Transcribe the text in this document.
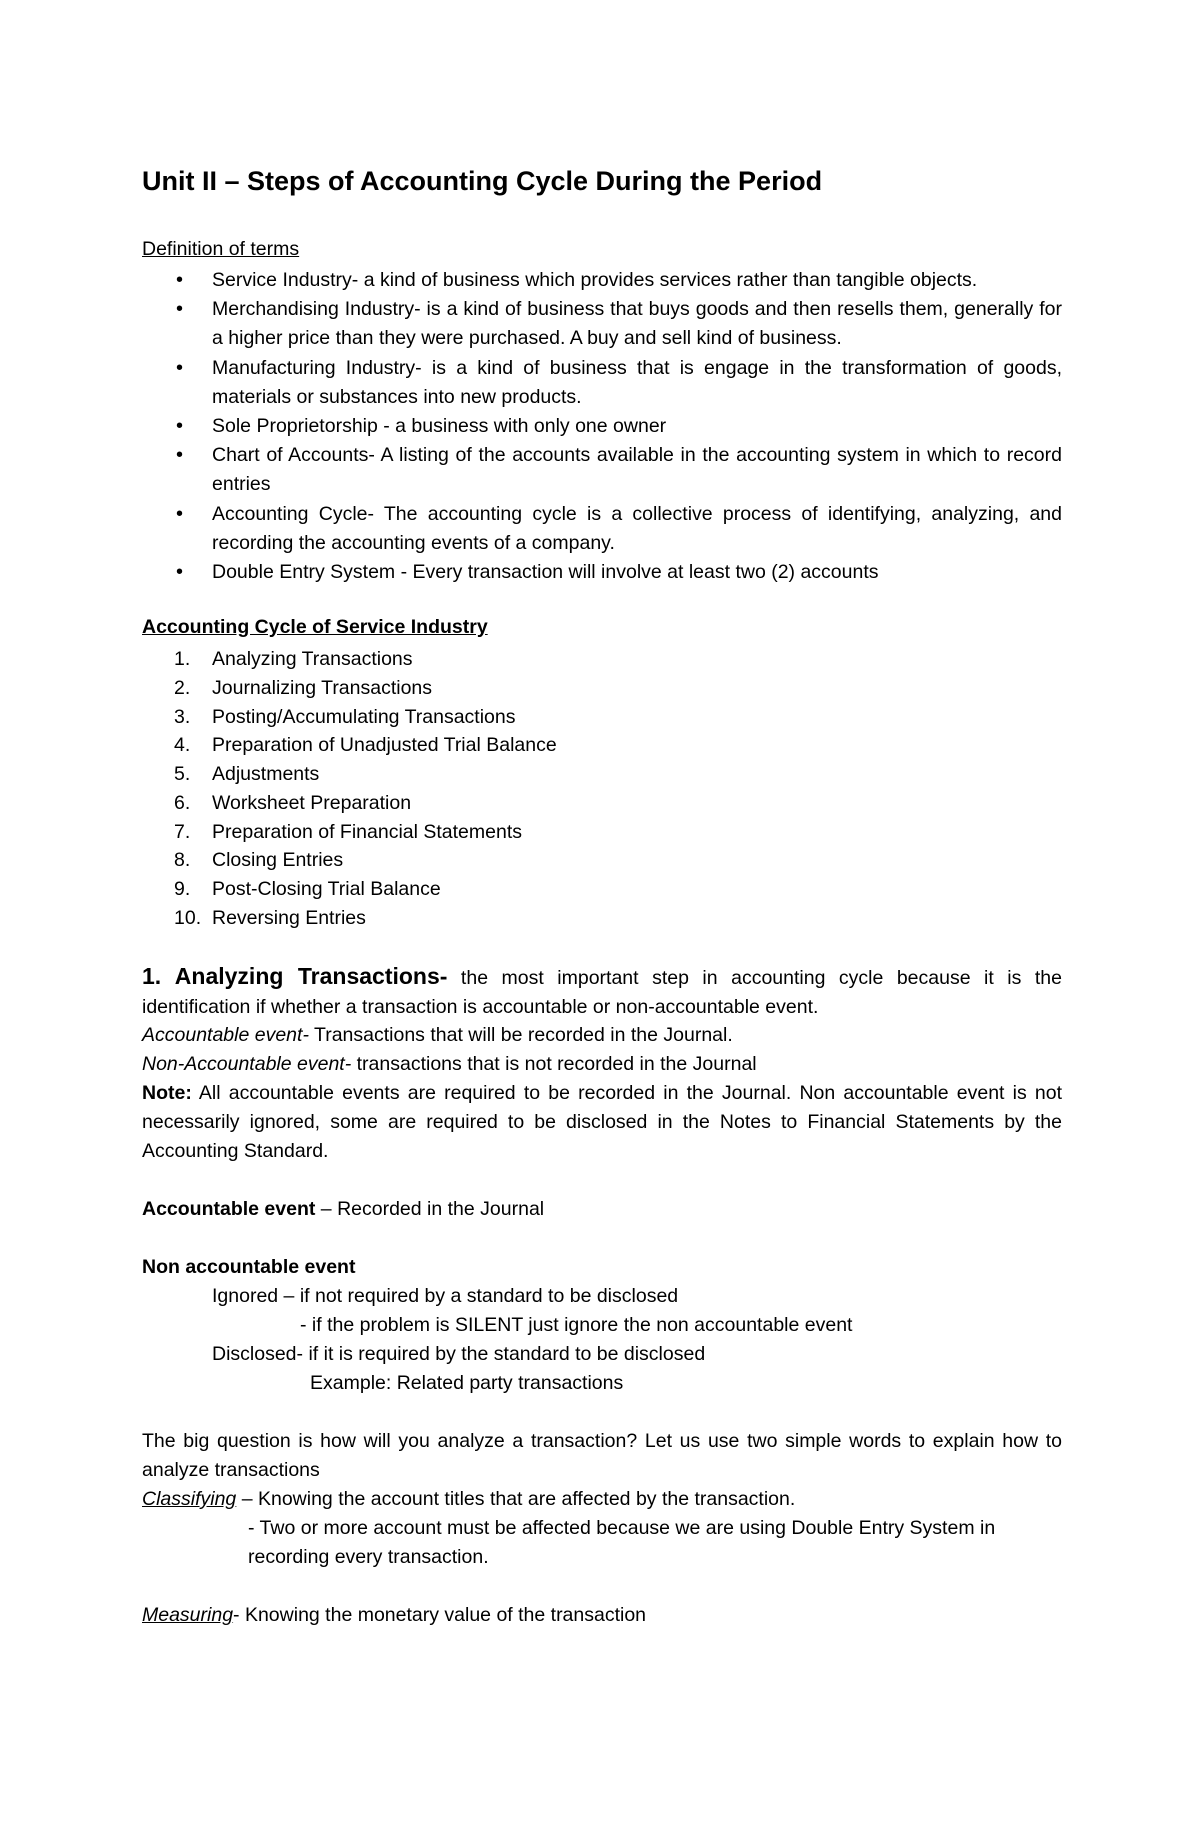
Unit II – Steps of Accounting Cycle During the Period
Definition of terms
• Service Industry- a kind of business which provides services rather than tangible objects.
• Merchandising Industry- is a kind of business that buys goods and then resells them, generally for a higher price than they were purchased. A buy and sell kind of business.
• Manufacturing Industry- is a kind of business that is engage in the transformation of goods, materials or substances into new products.
• Sole Proprietorship - a business with only one owner
• Chart of Accounts- A listing of the accounts available in the accounting system in which to record entries
• Accounting Cycle- The accounting cycle is a collective process of identifying, analyzing, and recording the accounting events of a company.
• Double Entry System - Every transaction will involve at least two (2) accounts
Accounting Cycle of Service Industry
1. Analyzing Transactions
2. Journalizing Transactions
3. Posting/Accumulating Transactions
4. Preparation of Unadjusted Trial Balance
5. Adjustments
6. Worksheet Preparation
7. Preparation of Financial Statements
8. Closing Entries
9. Post-Closing Trial Balance
10. Reversing Entries
1. Analyzing Transactions- the most important step in accounting cycle because it is the identification if whether a transaction is accountable or non-accountable event.
Accountable event- Transactions that will be recorded in the Journal.
Non-Accountable event- transactions that is not recorded in the Journal
Note: All accountable events are required to be recorded in the Journal. Non accountable event is not necessarily ignored, some are required to be disclosed in the Notes to Financial Statements by the Accounting Standard.
Accountable event – Recorded in the Journal
Non accountable event
Ignored – if not required by a standard to be disclosed
- if the problem is SILENT just ignore the non accountable event
Disclosed- if it is required by the standard to be disclosed
Example: Related party transactions
The big question is how will you analyze a transaction? Let us use two simple words to explain how to analyze transactions
Classifying – Knowing the account titles that are affected by the transaction.
- Two or more account must be affected because we are using Double Entry System in recording every transaction.
Measuring- Knowing the monetary value of the transaction
